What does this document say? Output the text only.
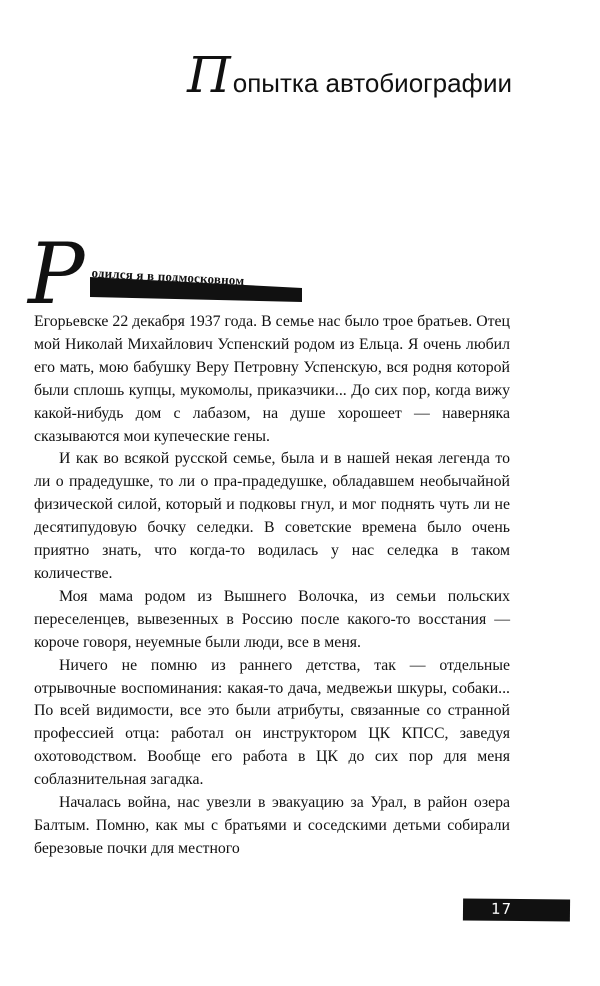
П опытка автобиографии
Р одился я в подмосковном

Егорьевске 22 декабря 1937 года. В семье нас было трое братьев. Отец мой Николай Михайлович Успенский родом из Ельца. Я очень любил его мать, мою бабушку Веру Петровну Успенскую, вся родня которой были сплошь купцы, мукомолы, приказчики... До сих пор, когда вижу какой-нибудь дом с лабазом, на душе хорошеет — наверняка сказываются мои купеческие гены.

И как во всякой русской семье, была и в нашей некая легенда то ли о прадедушке, то ли о пра-прадедушке, обладавшем необычайной физической силой, который и подковы гнул, и мог поднять чуть ли не десятипудовую бочку селедки. В советские времена было очень приятно знать, что когда-то водилась у нас селедка в таком количестве.

Моя мама родом из Вышнего Волочка, из семьи польских переселенцев, вывезенных в Россию после какого-то восстания — короче говоря, неуемные были люди, все в меня.

Ничего не помню из раннего детства, так — отдельные отрывочные воспоминания: какая-то дача, медвежьи шкуры, собаки... По всей видимости, все это были атрибуты, связанные со странной профессией отца: работал он инструктором ЦК КПСС, заведуя охотоводством. Вообще его работа в ЦК до сих пор для меня соблазнительная загадка.

Началась война, нас увезли в эвакуацию за Урал, в район озера Балтым. Помню, как мы с братьями и соседскими детьми собирали березовые почки для местного

17
